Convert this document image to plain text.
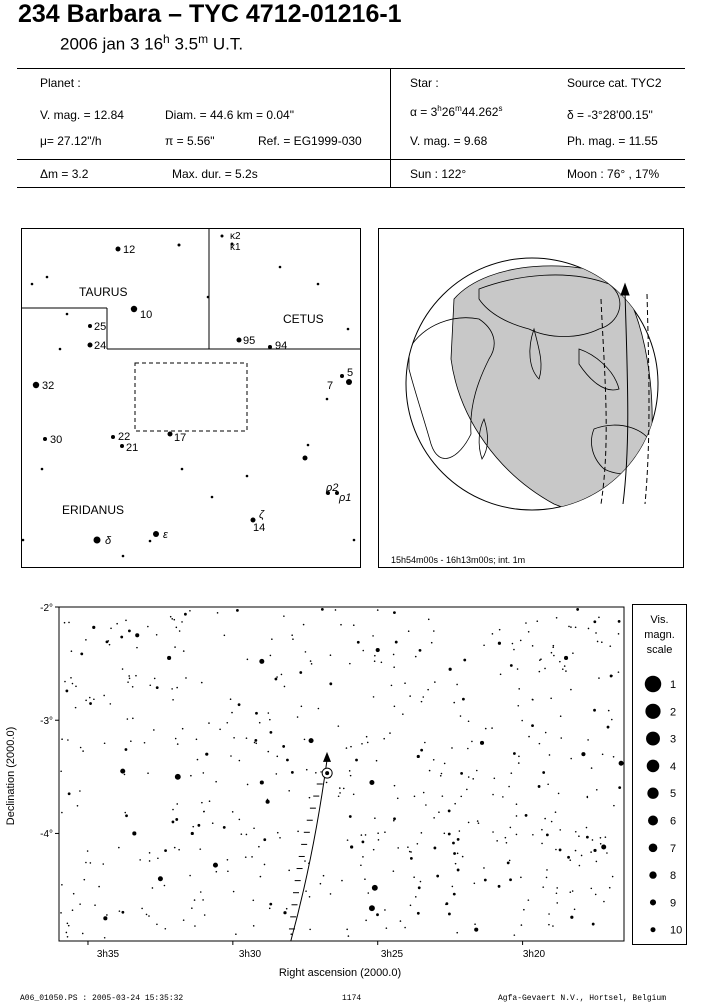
234 Barbara – TYC 4712-01216-1
2006 jan 3 16$^h$ 3.5$^m$ U.T.
Planet :
V. mag. = 12.84	Diam. = 44.6 km = 0.04"
μ= 27.12"/h	π = 5.56"	Ref. = EG1999-030
Star :	Source cat. TYC2
$\alpha = 3^h26^m44.262^s$	δ = -3°28'00.15"
V. mag. = 9.68	Ph. mag. = 11.55
Δm = 3.2	Max. dur. = 5.2s	Sun : 122°	Moon : 76° , 17%
TAURUS
CETUS
ERIDANUS
12
κ2
κ1
10
25
24	95 94
32
5
7
22
21
17
30
ρ2
ρ1
ζ
14
δ	ε
15h54m00s - 16h13m00s; int. 1m
-2°
-3°
-4°
3h35	3h30	3h25	3h20
Right ascension (2000.0)
Declination (2000.0)
Vis.
magn.
scale
1
2
3
4
5
6
7
8
9
10
A06_01050.PS : 2005-03-24 15:35:32	1174	Agfa-Gevaert N.V., Hortsel, Belgium
